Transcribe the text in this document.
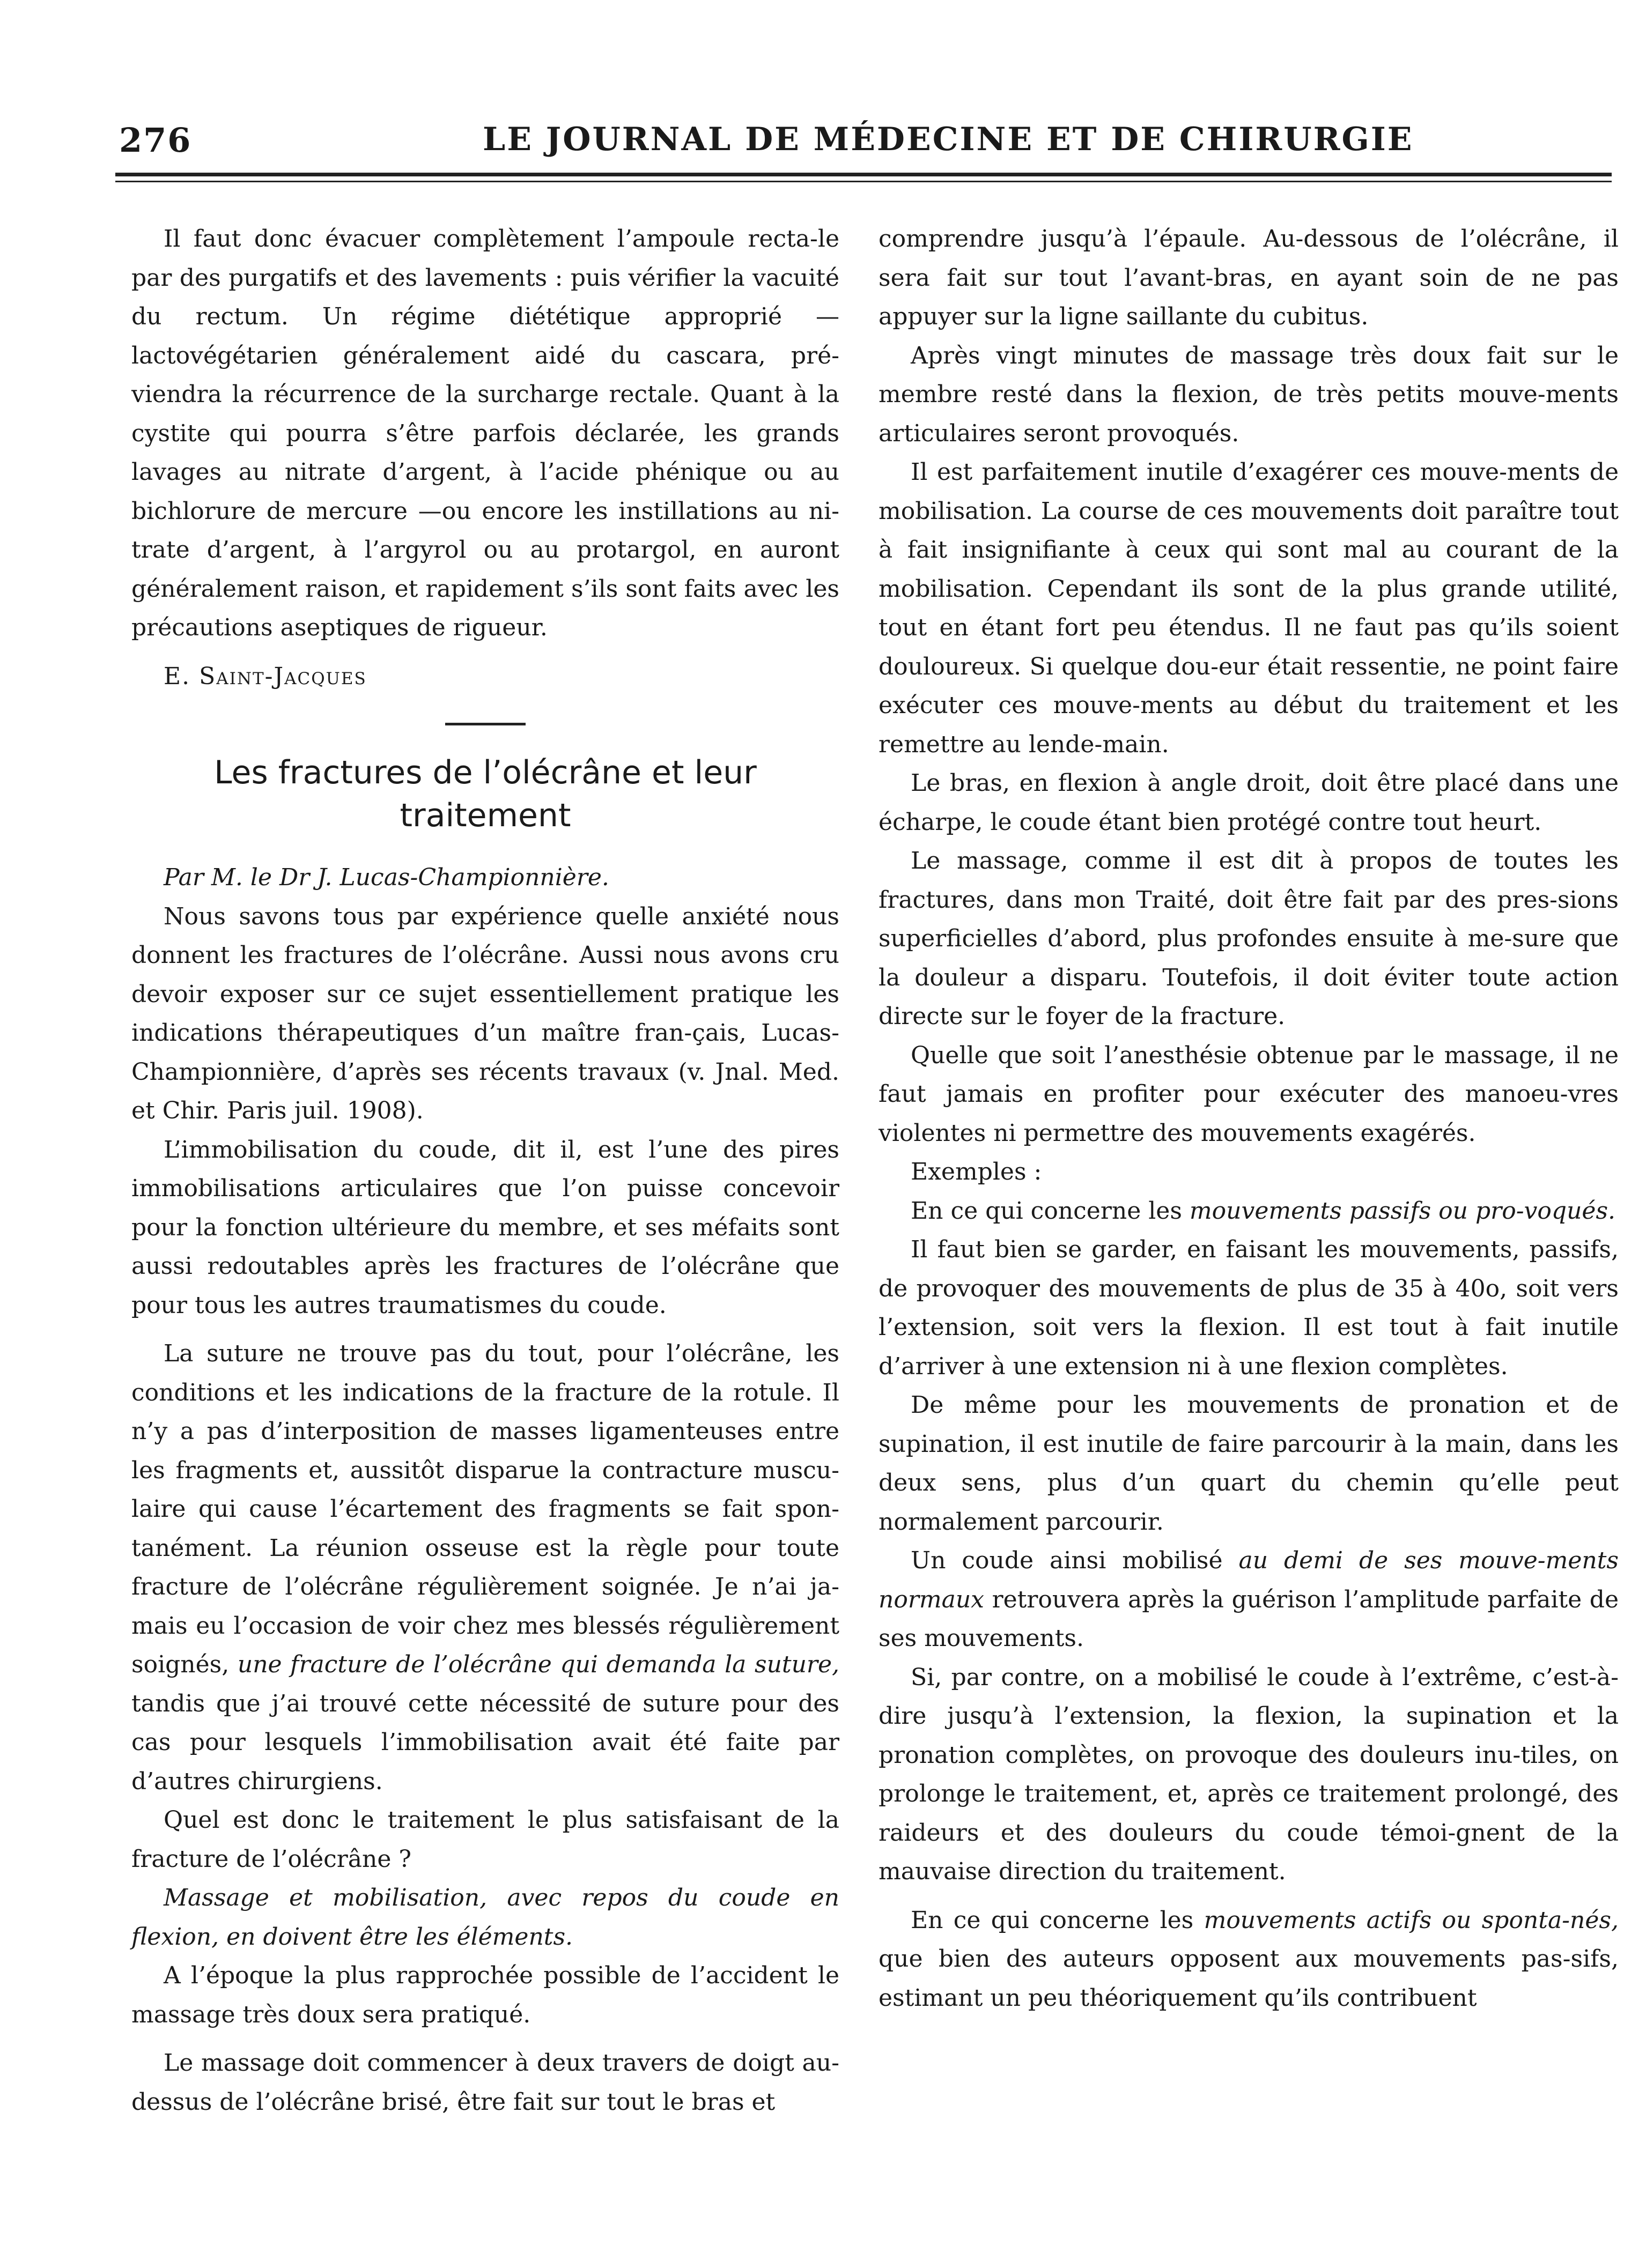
276	LE JOURNAL DE MÉDECINE ET DE CHIRURGIE

Il faut donc évacuer complètement l’ampoule recta-le par des purgatifs et des lavements : puis vérifier la vacuité du rectum. Un régime diététique approprié —lactovégétarien généralement aidé du cascara, pré-viendra la récurrence de la surcharge rectale. Quant à la cystite qui pourra s’être parfois déclarée, les grands lavages au nitrate d’argent, à l’acide phénique ou au bichlorure de mercure —ou encore les instillations au ni-trate d’argent, à l’argyrol ou au protargol, en auront généralement raison, et rapidement s’ils sont faits avec les précautions aseptiques de rigueur.

E. Saint-Jacques

Les fractures de l’olécrâne et leur traitement

Par M. le Dr J. Lucas-Championnière.

Nous savons tous par expérience quelle anxiété nous donnent les fractures de l’olécrâne. Aussi nous avons cru devoir exposer sur ce sujet essentiellement pratique les indications thérapeutiques d’un maître fran-çais, Lucas-Championnière, d’après ses récents travaux (v. Jnal. Med. et Chir. Paris juil. 1908).

L’immobilisation du coude, dit il, est l’une des pires immobilisations articulaires que l’on puisse concevoir pour la fonction ultérieure du membre, et ses méfaits sont aussi redoutables après les fractures de l’olécrâne que pour tous les autres traumatismes du coude.

La suture ne trouve pas du tout, pour l’olécrâne, les conditions et les indications de la fracture de la rotule. Il n’y a pas d’interposition de masses ligamenteuses entre les fragments et, aussitôt disparue la contracture muscu-laire qui cause l’écartement des fragments se fait spon-tanément. La réunion osseuse est la règle pour toute fracture de l’olécrâne régulièrement soignée. Je n’ai ja-mais eu l’occasion de voir chez mes blessés régulièrement soignés, une fracture de l’olécrâne qui demanda la suture, tandis que j’ai trouvé cette nécessité de suture pour des cas pour lesquels l’immobilisation avait été faite par d’autres chirurgiens.

Quel est donc le traitement le plus satisfaisant de la fracture de l’olécrâne ?

Massage et mobilisation, avec repos du coude en flexion, en doivent être les éléments.

A l’époque la plus rapprochée possible de l’accident le massage très doux sera pratiqué.

Le massage doit commencer à deux travers de doigt au-dessus de l’olécrâne brisé, être fait sur tout le bras et

comprendre jusqu’à l’épaule. Au-dessous de l’olécrâne, il sera fait sur tout l’avant-bras, en ayant soin de ne pas appuyer sur la ligne saillante du cubitus.

Après vingt minutes de massage très doux fait sur le membre resté dans la flexion, de très petits mouve-ments articulaires seront provoqués.

Il est parfaitement inutile d’exagérer ces mouve-ments de mobilisation. La course de ces mouvements doit paraître tout à fait insignifiante à ceux qui sont mal au courant de la mobilisation. Cependant ils sont de la plus grande utilité, tout en étant fort peu étendus. Il ne faut pas qu’ils soient douloureux. Si quelque dou-eur était ressentie, ne point faire exécuter ces mouve-ments au début du traitement et les remettre au lende-main.

Le bras, en flexion à angle droit, doit être placé dans une écharpe, le coude étant bien protégé contre tout heurt.

Le massage, comme il est dit à propos de toutes les fractures, dans mon Traité, doit être fait par des pres-sions superficielles d’abord, plus profondes ensuite à me-sure que la douleur a disparu. Toutefois, il doit éviter toute action directe sur le foyer de la fracture.

Quelle que soit l’anesthésie obtenue par le massage, il ne faut jamais en profiter pour exécuter des manoeu-vres violentes ni permettre des mouvements exagérés.

Exemples :

En ce qui concerne les mouvements passifs ou pro-voqués.

Il faut bien se garder, en faisant les mouvements, passifs, de provoquer des mouvements de plus de 35 à 40o, soit vers l’extension, soit vers la flexion. Il est tout à fait inutile d’arriver à une extension ni à une flexion complètes.

De même pour les mouvements de pronation et de supination, il est inutile de faire parcourir à la main, dans les deux sens, plus d’un quart du chemin qu’elle peut normalement parcourir.

Un coude ainsi mobilisé au demi de ses mouve-ments normaux retrouvera après la guérison l’amplitude parfaite de ses mouvements.

Si, par contre, on a mobilisé le coude à l’extrême, c’est-à-dire jusqu’à l’extension, la flexion, la supination et la pronation complètes, on provoque des douleurs inu-tiles, on prolonge le traitement, et, après ce traitement prolongé, des raideurs et des douleurs du coude témoi-gnent de la mauvaise direction du traitement.

En ce qui concerne les mouvements actifs ou sponta-nés, que bien des auteurs opposent aux mouvements pas-sifs, estimant un peu théoriquement qu’ils contribuent
